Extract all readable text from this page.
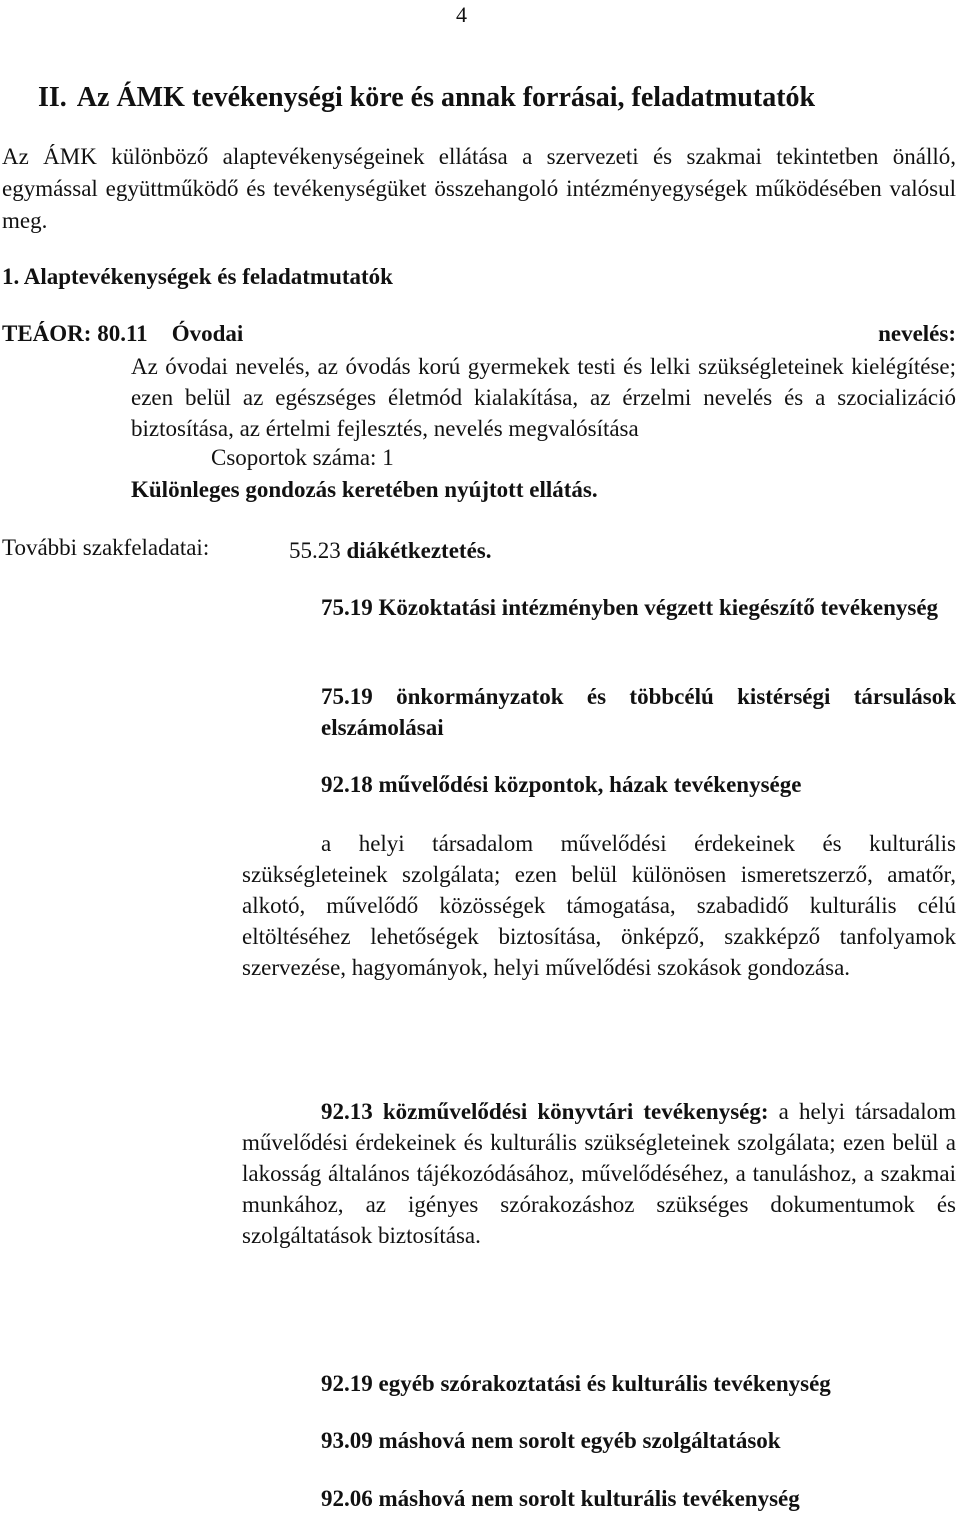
4
II. Az ÁMK tevékenységi köre és annak forrásai, feladatmutatók
Az ÁMK különböző alaptevékenységeinek ellátása a szervezeti és szakmai tekintetben önálló, egymással együttműködő és tevékenységüket összehangoló intézményegységek működésében valósul meg.
1. Alaptevékenységek és feladatmutatók
TEÁOR: 80.11 Óvodai	nevelés:
Az óvodai nevelés, az óvodás korú gyermekek testi és lelki szükségleteinek kielégítése; ezen belül az egészséges életmód kialakítása, az érzelmi nevelés és a szocializáció biztosítása, az értelmi fejlesztés, nevelés megvalósítása
Csoportok száma: 1
Különleges gondozás keretében nyújtott ellátás.
További szakfeladatai:	55.23 diákétkeztetés.
75.19 Közoktatási intézményben végzett kiegészítő tevékenység
75.19 önkormányzatok és többcélú kistérségi társulások elszámolásai
92.18 művelődési központok, házak tevékenysége
a helyi társadalom művelődési érdekeinek és kulturális szükségleteinek szolgálata; ezen belül különösen ismeretszerző, amatőr, alkotó, művelődő közösségek támogatása, szabadidő kulturális célú eltöltéséhez lehetőségek biztosítása, önképző, szakképző tanfolyamok szervezése, hagyományok, helyi művelődési szokások gondozása.
92.13 közművelődési könyvtári tevékenység: a helyi társadalom művelődési érdekeinek és kulturális szükségleteinek szolgálata; ezen belül a lakosság általános tájékozódásához, művelődéséhez, a tanuláshoz, a szakmai munkához, az igényes szórakozáshoz szükséges dokumentumok és szolgáltatások biztosítása.
92.19 egyéb szórakoztatási és kulturális tevékenység
93.09 máshová nem sorolt egyéb szolgáltatások
92.06 máshová nem sorolt kulturális tevékenység
